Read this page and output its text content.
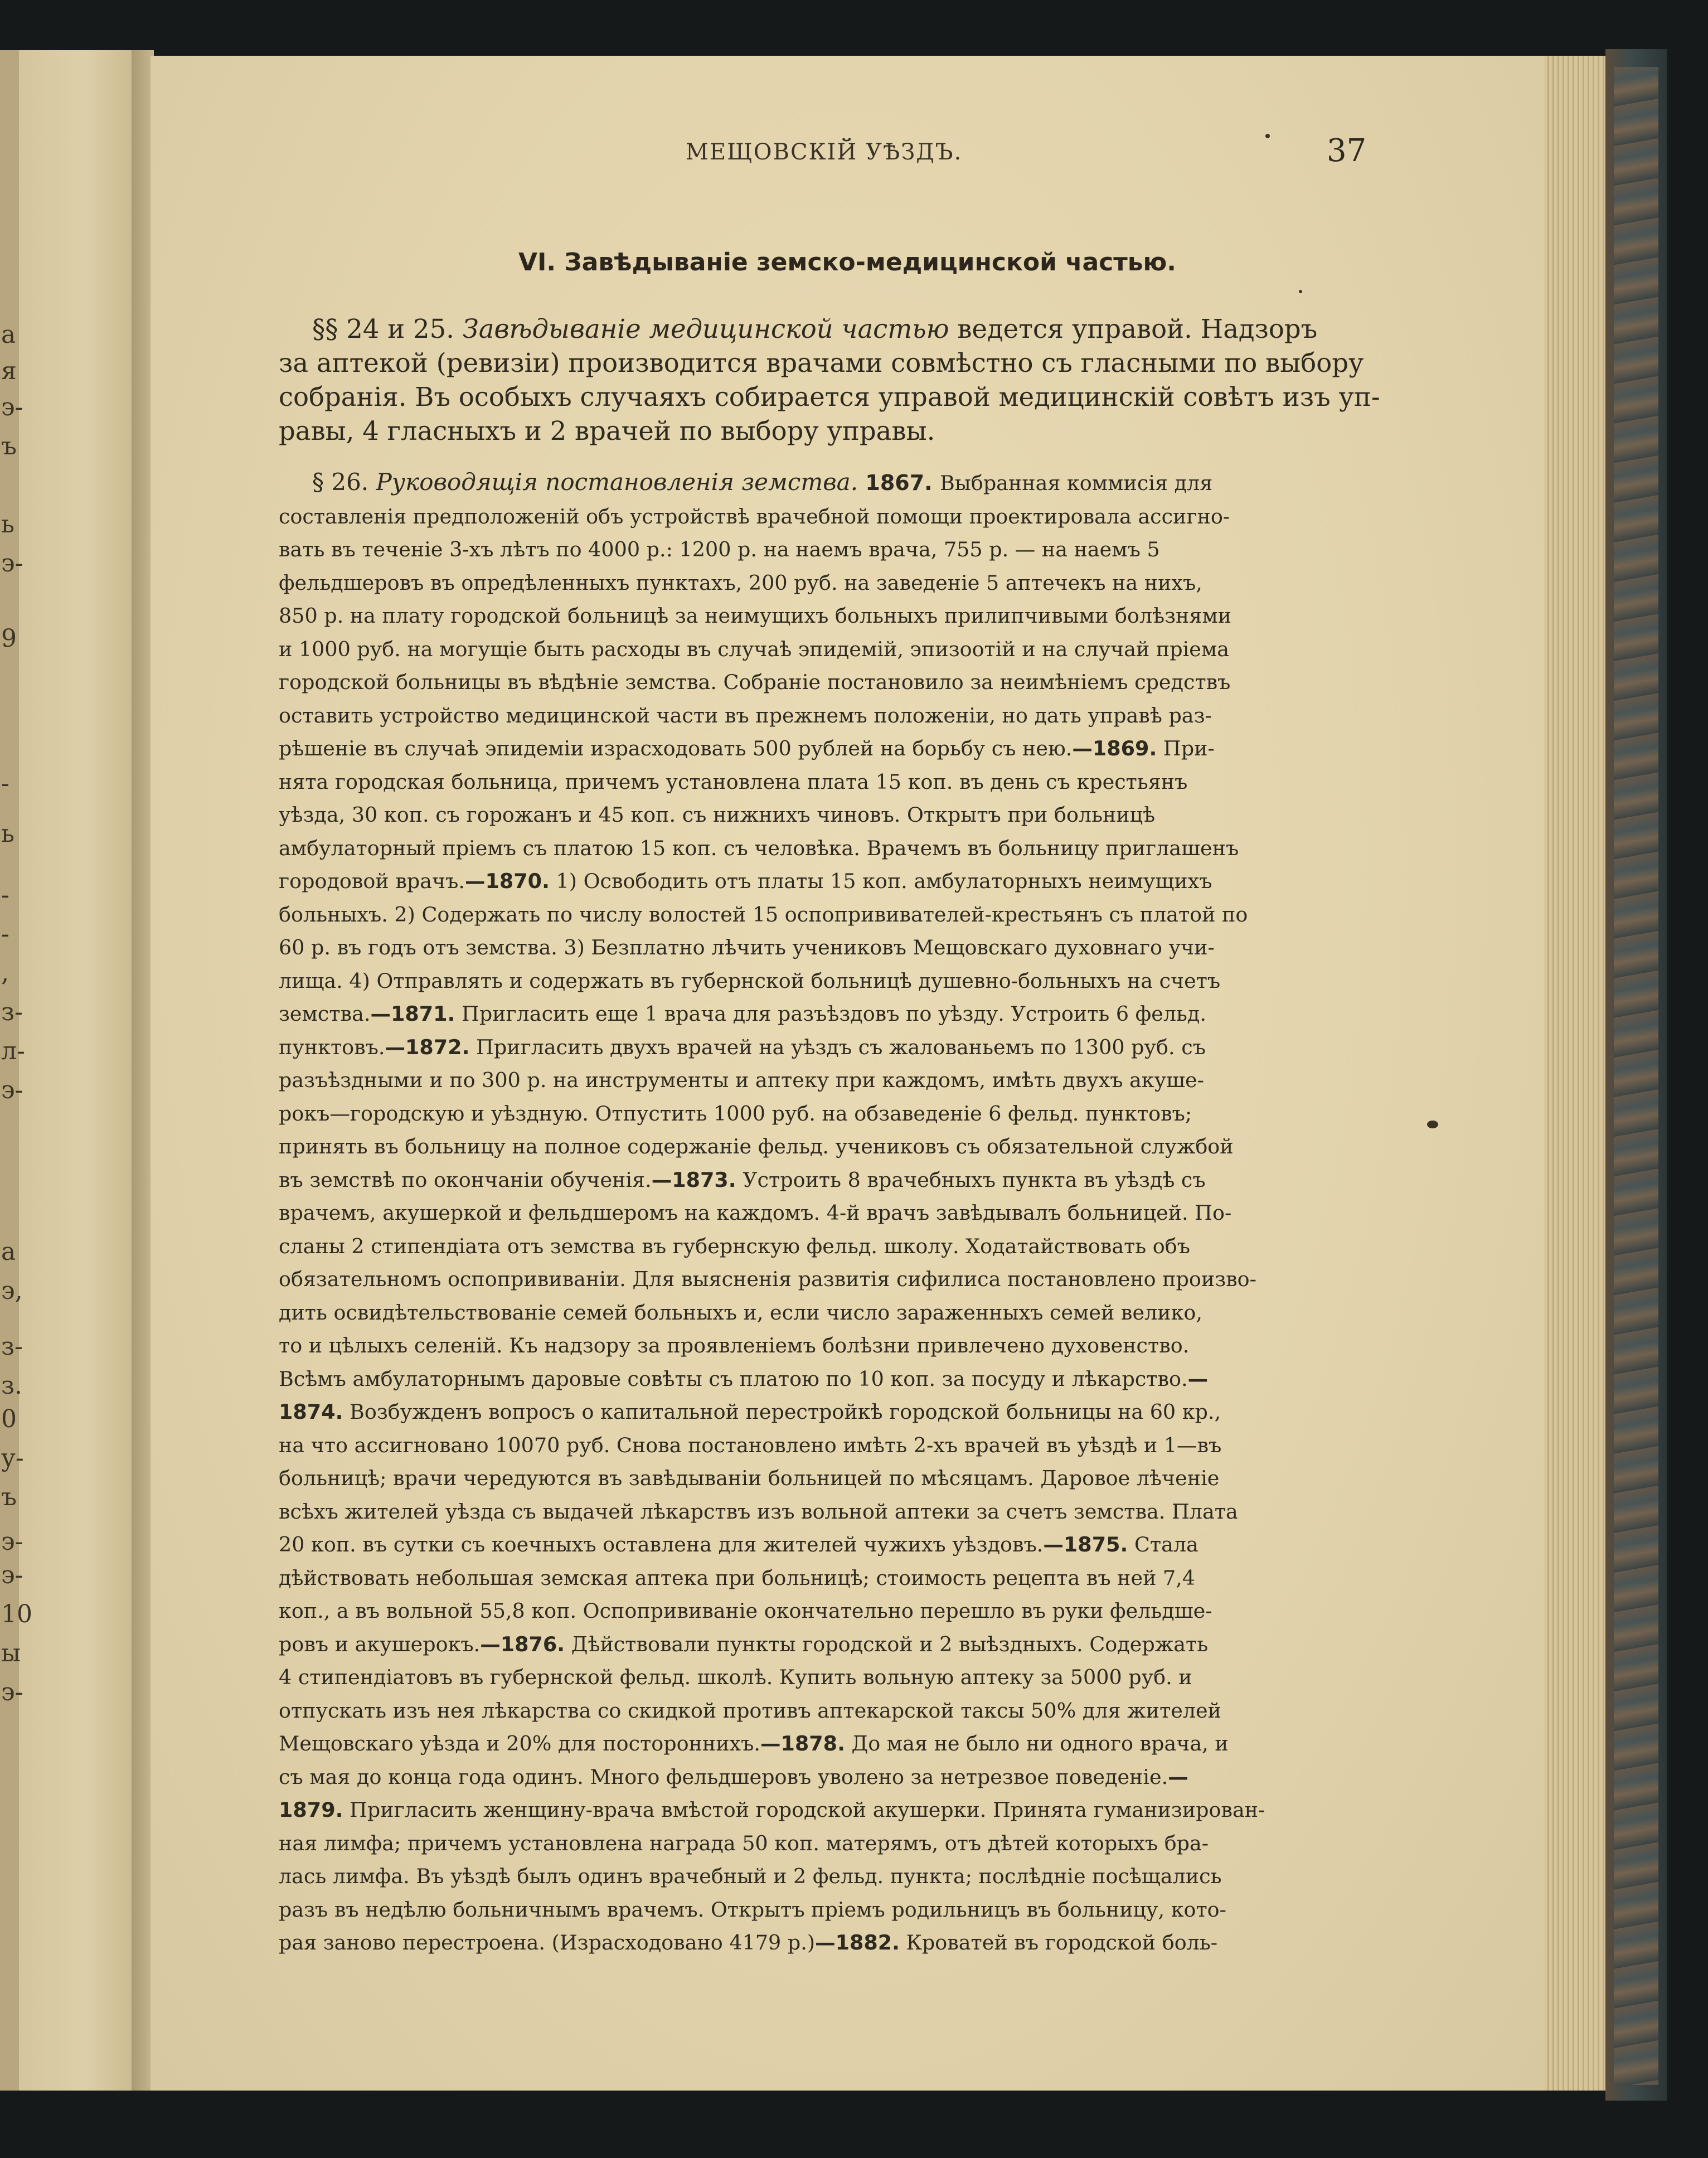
а
я
э-
ъ
ь
э-
9
-
ь
-
-
,
з-
л-
э-
а
э,
з-
з.
0
у-
ъ
э-
э-
10
ы
э-
МЕЩОВСКІЙ УѢЗДЪ.	37
VI. Завѣдываніе земско-медицинской частью.
§§ 24 и 25. Завѣдываніе медицинской частью ведется управой. Надзоръ
за аптекой (ревизіи) производится врачами совмѣстно съ гласными по выбору
собранія. Въ особыхъ случаяхъ собирается управой медицинскій совѣтъ изъ уп-
равы, 4 гласныхъ и 2 врачей по выбору управы.
§ 26. Руководящія постановленія земства. 1867. Выбранная коммисія для
составленія предположеній объ устройствѣ врачебной помощи проектировала ассигно-
вать въ теченіе 3-хъ лѣтъ по 4000 р.: 1200 р. на наемъ врача, 755 р. — на наемъ 5
фельдшеровъ въ опредѣленныхъ пунктахъ, 200 руб. на заведеніе 5 аптечекъ на нихъ,
850 р. на плату городской больницѣ за неимущихъ больныхъ прилипчивыми болѣзнями
и 1000 руб. на могущіе быть расходы въ случаѣ эпидемій, эпизоотій и на случай пріема
городской больницы въ вѣдѣніе земства. Собраніе постановило за неимѣніемъ средствъ
оставить устройство медицинской части въ прежнемъ положеніи, но дать управѣ раз-
рѣшеніе въ случаѣ эпидеміи израсходовать 500 рублей на борьбу съ нею.—1869. При-
нята городская больница, причемъ установлена плата 15 коп. въ день съ крестьянъ
уѣзда, 30 коп. съ горожанъ и 45 коп. съ нижнихъ чиновъ. Открытъ при больницѣ
амбулаторный пріемъ съ платою 15 коп. съ человѣка. Врачемъ въ больницу приглашенъ
городовой врачъ.—1870. 1) Освободить отъ платы 15 коп. амбулаторныхъ неимущихъ
больныхъ. 2) Содержать по числу волостей 15 оспопрививателей-крестьянъ съ платой по
60 р. въ годъ отъ земства. 3) Безплатно лѣчить учениковъ Мещовскаго духовнаго учи-
лища. 4) Отправлять и содержать въ губернской больницѣ душевно-больныхъ на счетъ
земства.—1871. Пригласить еще 1 врача для разъѣздовъ по уѣзду. Устроить 6 фельд.
пунктовъ.—1872. Пригласить двухъ врачей на уѣздъ съ жалованьемъ по 1300 руб. съ
разъѣздными и по 300 р. на инструменты и аптеку при каждомъ, имѣть двухъ акуше-
рокъ—городскую и уѣздную. Отпустить 1000 руб. на обзаведеніе 6 фельд. пунктовъ;
принять въ больницу на полное содержаніе фельд. учениковъ съ обязательной службой
въ земствѣ по окончаніи обученія.—1873. Устроить 8 врачебныхъ пункта въ уѣздѣ съ
врачемъ, акушеркой и фельдшеромъ на каждомъ. 4-й врачъ завѣдывалъ больницей. По-
сланы 2 стипендіата отъ земства въ губернскую фельд. школу. Ходатайствовать объ
обязательномъ оспопрививаніи. Для выясненія развитія сифилиса постановлено произво-
дить освидѣтельствованіе семей больныхъ и, если число зараженныхъ семей велико,
то и цѣлыхъ селеній. Къ надзору за проявленіемъ болѣзни привлечено духовенство.
Всѣмъ амбулаторнымъ даровые совѣты съ платою по 10 коп. за посуду и лѣкарство.—
1874. Возбужденъ вопросъ о капитальной перестройкѣ городской больницы на 60 кр.,
на что ассигновано 10070 руб. Снова постановлено имѣть 2-хъ врачей въ уѣздѣ и 1—въ
больницѣ; врачи чередуются въ завѣдываніи больницей по мѣсяцамъ. Даровое лѣченіе
всѣхъ жителей уѣзда съ выдачей лѣкарствъ изъ вольной аптеки за счетъ земства. Плата
20 коп. въ сутки съ коечныхъ оставлена для жителей чужихъ уѣздовъ.—1875. Стала
дѣйствовать небольшая земская аптека при больницѣ; стоимость рецепта въ ней 7,4
коп., а въ вольной 55,8 коп. Оспопрививаніе окончательно перешло въ руки фельдше-
ровъ и акушерокъ.—1876. Дѣйствовали пункты городской и 2 выѣздныхъ. Содержать
4 стипендіатовъ въ губернской фельд. школѣ. Купить вольную аптеку за 5000 руб. и
отпускать изъ нея лѣкарства со скидкой противъ аптекарской таксы 50% для жителей
Мещовскаго уѣзда и 20% для постороннихъ.—1878. До мая не было ни одного врача, и
съ мая до конца года одинъ. Много фельдшеровъ уволено за нетрезвое поведеніе.—
1879. Пригласить женщину-врача вмѣстой городской акушерки. Принята гуманизирован-
ная лимфа; причемъ установлена награда 50 коп. матерямъ, отъ дѣтей которыхъ бра-
лась лимфа. Въ уѣздѣ былъ одинъ врачебный и 2 фельд. пункта; послѣдніе посѣщались
разъ въ недѣлю больничнымъ врачемъ. Открытъ пріемъ родильницъ въ больницу, кото-
рая заново перестроена. (Израсходовано 4179 р.)—1882. Кроватей въ городской боль-
